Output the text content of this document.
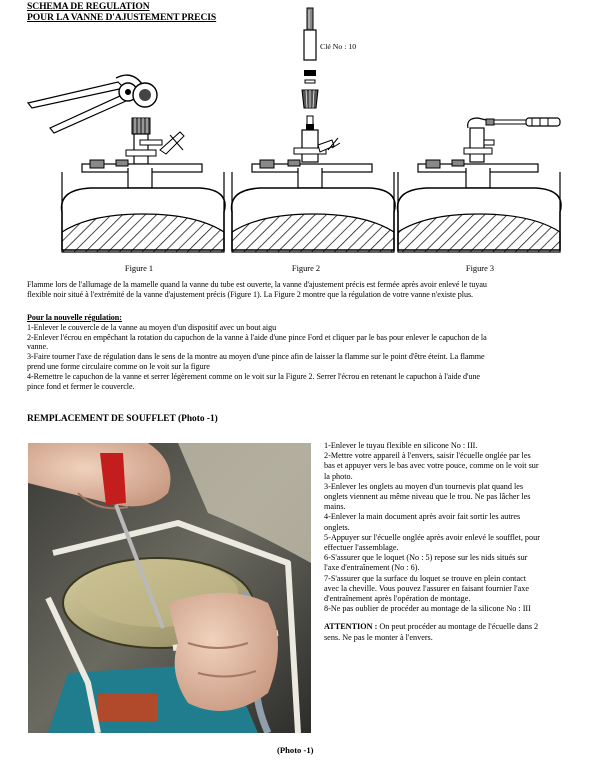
SCHEMA DE REGULATION
POUR LA VANNE D'AJUSTEMENT PRECIS
Clé No : 10
Figure 1	Figure 2	Figure 3
Flamme lors de l'allumage de la mamelle quand la vanne du tube est ouverte, la vanne d'ajustement précis est fermée après avoir enlevé le tuyau
flexible noir situé à l'extrémité de la vanne d'ajustement précis (Figure 1). La Figure 2 montre que la régulation de votre vanne n'existe plus.
Pour la nouvelle régulation:
1-Enlever le couvercle de la vanne au moyen d'un dispositif avec un bout aigu
2-Enlever l'écrou en empêchant la rotation du capuchon de la vanne à l'aide d'une pince Ford et cliquer par le bas pour enlever le capuchon de la
vanne.
3-Faire tourner l'axe de régulation dans le sens de la montre au moyen d'une pince afin de laisser la flamme sur le point d'être éteint. La flamme
prend une forme circulaire comme on le voit sur la figure
4-Remettre le capuchon de la vanne et serrer légèrement comme on le voit sur la Figure 2. Serrer l'écrou en retenant le capuchon à l'aide d'une
pince fond et fermer le couvercle.
REMPLACEMENT DE SOUFFLET (Photo -1)
1-Enlever le tuyau flexible en silicone No : III.
2-Mettre votre appareil à l'envers, saisir l'écuelle onglée par les
bas et appuyer vers le bas avec votre pouce, comme on le voit sur
la photo.
3-Enlever les onglets au moyen d'un tournevis plat quand les
onglets viennent au même niveau que le trou. Ne pas lâcher les
mains.
4-Enlever la main document après avoir fait sortir les autres
onglets.
5-Appuyer sur l'écuelle onglée après avoir enlevé le soufflet, pour
effectuer l'assemblage.
6-S'assurer que le loquet (No : 5) repose sur les nids situés sur
l'axe d'entraînement (No : 6).
7-S'assurer que la surface du loquet se trouve en plein contact
avec la cheville. Vous pouvez l'assurer en faisant fournier l'axe
d'entraînement après l'opération de montage.
8-Ne pas oublier de procéder au montage de la silicone No : III
ATTENTION : On peut procéder au montage de l'écuelle dans 2
sens. Ne pas le monter à l'envers.
(Photo -1)
